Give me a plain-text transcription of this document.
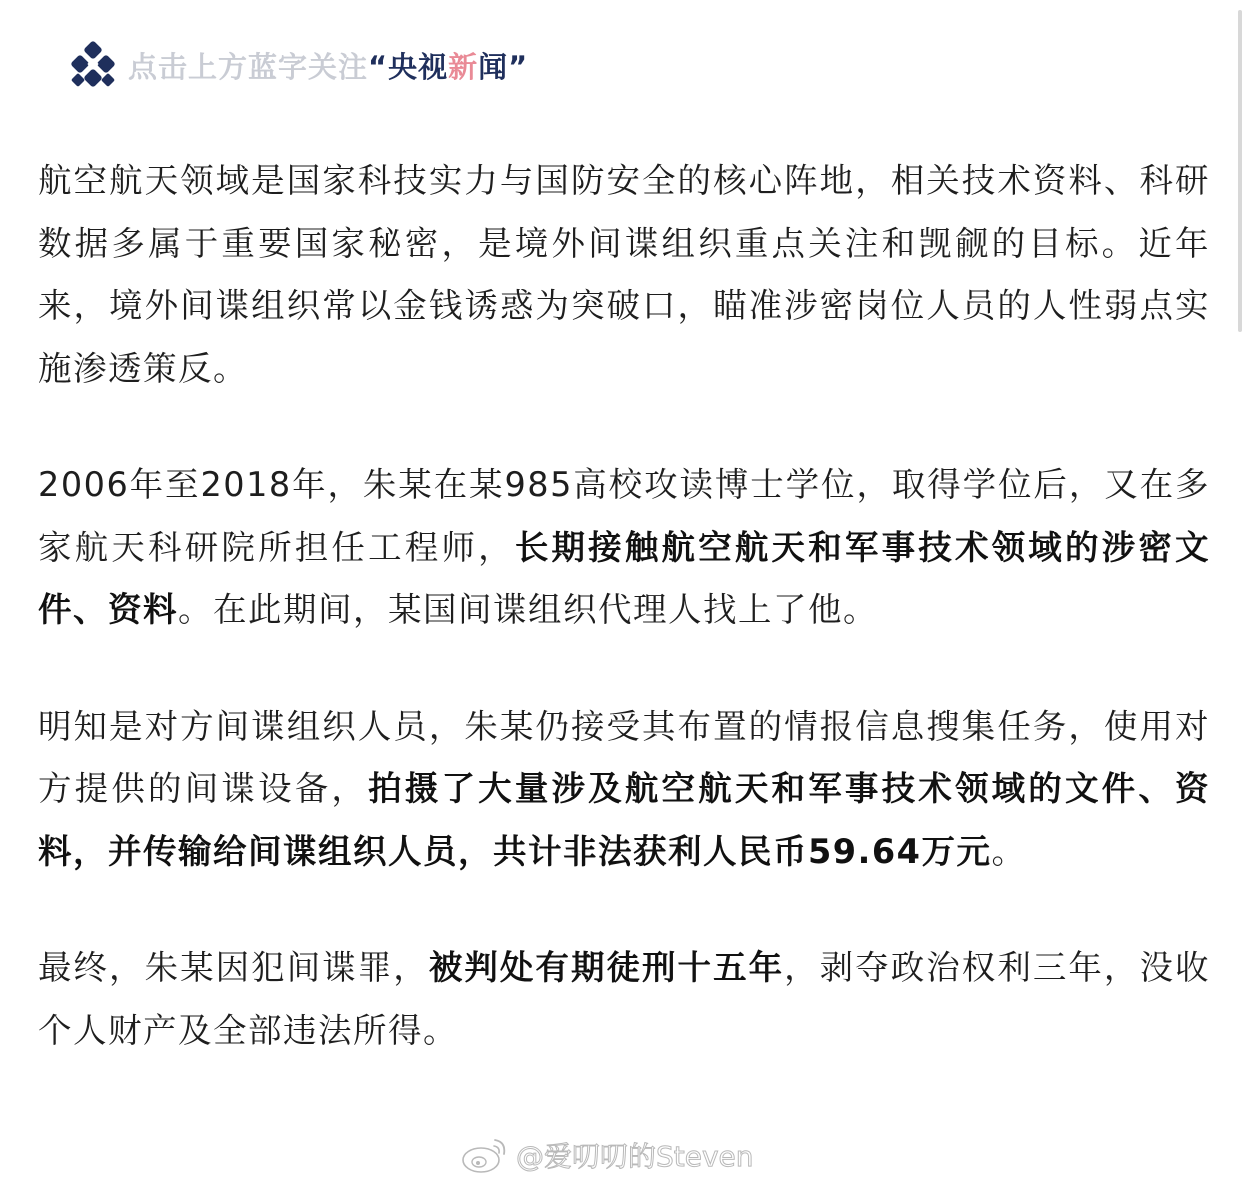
点击上方蓝字关注“央视新闻”

航空航天领域是国家科技实力与国防安全的核心阵地，相关技术资料、科研数据多属于重要国家秘密，是境外间谍组织重点关注和觊觎的目标。近年来，境外间谍组织常以金钱诱惑为突破口，瞄准涉密岗位人员的人性弱点实施渗透策反。

2006年至2018年，朱某在某985高校攻读博士学位，取得学位后，又在多家航天科研院所担任工程师，长期接触航空航天和军事技术领域的涉密文件、资料。在此期间，某国间谍组织代理人找上了他。

明知是对方间谍组织人员，朱某仍接受其布置的情报信息搜集任务，使用对方提供的间谍设备，拍摄了大量涉及航空航天和军事技术领域的文件、资料，并传输给间谍组织人员，共计非法获利人民币59.64万元。

最终，朱某因犯间谍罪，被判处有期徒刑十五年，剥夺政治权利三年，没收个人财产及全部违法所得。

@爱叨叨的Steven
